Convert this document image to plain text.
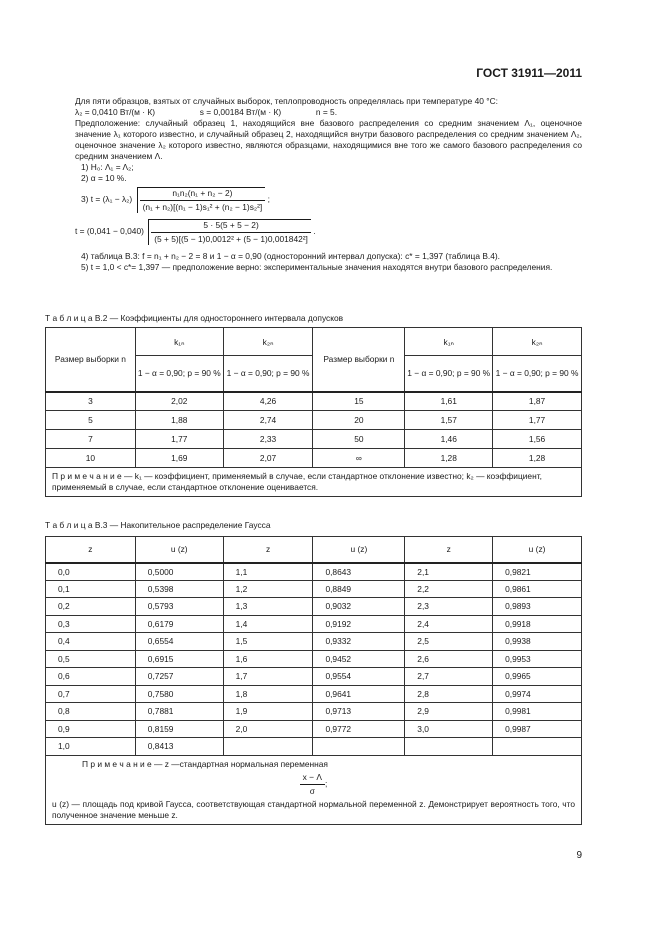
ГОСТ 31911—2011

Для пяти образцов, взятых от случайных выборок, теплопроводность определялась при температуре 40 °С:

λ₂ = 0,0410 Вт/(м · К)	s = 0,00184 Вт/(м · К)	n = 5.

Предположение: случайный образец 1, находящийся вне базового распределения со средним значением Λ₁, оценочное значение λ₁ которого известно, и случайный образец 2, находящийся внутри базового распределения со средним значением Λ₂, оценочное значение λ₂ которого известно, являются образцами, находящимися вне того же самого базового распределения со средним значением Λ.

1) H₀: Λ₁ = Λ₂;

2) α = 10 %.

3) $t = (\lambda_1 - \lambda_2) \frac{\text{n₁n₂(n₁ + n₂ − 2)}}{\text{(n₁ + n₂)[(n₁ − 1)s₁² + (n₂ − 1)s₂²]}}$ ;

$t = (0,041 - 0,040) \frac{5 \cdot 5(5 + 5 - 2)}{\text{(5 + 5)[(5 − 1)0,0012² + (5 − 1)0,001842²]}}$ .

4) таблица В.3: f = n₁ + n₂ − 2 = 8 и 1 − α = 0,90 (односторонний интервал допуска): c* = 1,397 (таблица В.4).

5) t = 1,0 < c*= 1,397 — предположение верно: экспериментальные значения находятся внутри базового распределения.

Т а б л и ц а В.2 — Коэффициенты для одностороннего интервала допусков
Размер выборки n	k₁ₙ	k₂ₙ	Размер выборки n	k₁ₙ	k₂ₙ
	1 − α = 0,90; p = 90 %	1 − α = 0,90; p = 90 %		1 − α = 0,90; p = 90 %	1 − α = 0,90; p = 90 %
3	2,02	4,26	15	1,61	1,87
5	1,88	2,74	20	1,57	1,77
7	1,77	2,33	50	1,46	1,56
10	1,69	2,07	∞	1,28	1,28
П р и м е ч а н и е — k₁ — коэффициент, применяемый в случае, если стандартное отклонение известно; k₂ — коэффициент, применяемый в случае, если стандартное отклонение оценивается.					
Т а б л и ц а В.3 — Накопительное распределение Гаусса
z	u (z)	z	u (z)	z	u (z)
0,0	0,5000	1,1	0,8643	2,1	0,9821
0,1	0,5398	1,2	0,8849	2,2	0,9861
0,2	0,5793	1,3	0,9032	2,3	0,9893
0,3	0,6179	1,4	0,9192	2,4	0,9918
0,4	0,6554	1,5	0,9332	2,5	0,9938
0,5	0,6915	1,6	0,9452	2,6	0,9953
0,6	0,7257	1,7	0,9554	2,7	0,9965
0,7	0,7580	1,8	0,9641	2,8	0,9974
0,8	0,7881	1,9	0,9713	2,9	0,9981
0,9	0,8159	2,0	0,9772	3,0	0,9987
1,0	0,8413				

П р и м е ч а н и е — z —стандартная нормальная переменная
$\frac{x - \Lambda}{\sigma}$ ;
u (z) — площадь под кривой Гаусса, соответствующая стандартной нормальной переменной z. Демонстрирует вероятность того, что полученное значение меньше z.					
9
